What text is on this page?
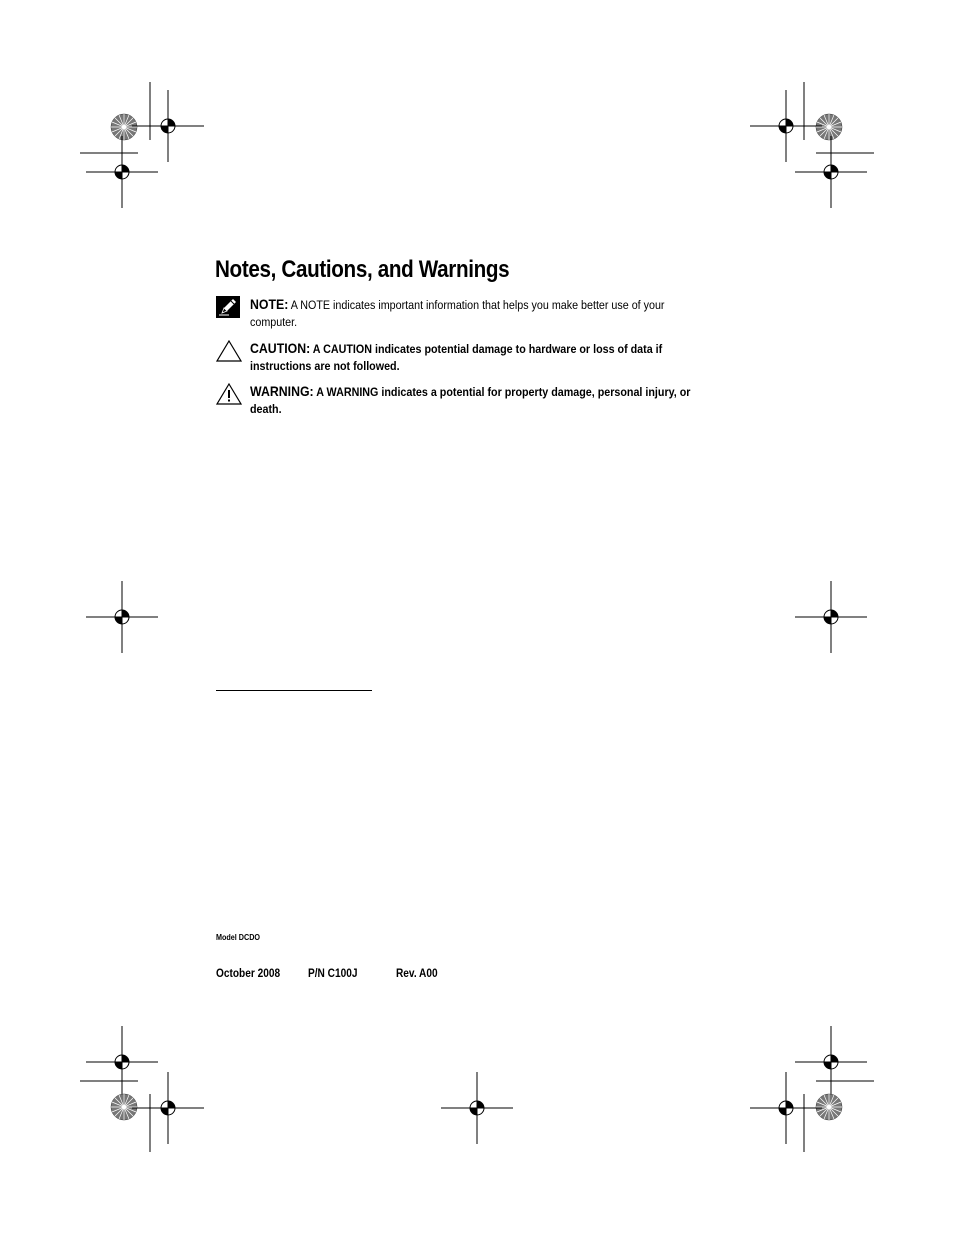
Notes, Cautions, and Warnings
NOTE: A NOTE indicates important information that helps you make better use of your computer.
CAUTION: A CAUTION indicates potential damage to hardware or loss of data if instructions are not followed.
WARNING: A WARNING indicates a potential for property damage, personal injury, or death.
Model DCDO
October 2008 P/N C100J	Rev. A00
